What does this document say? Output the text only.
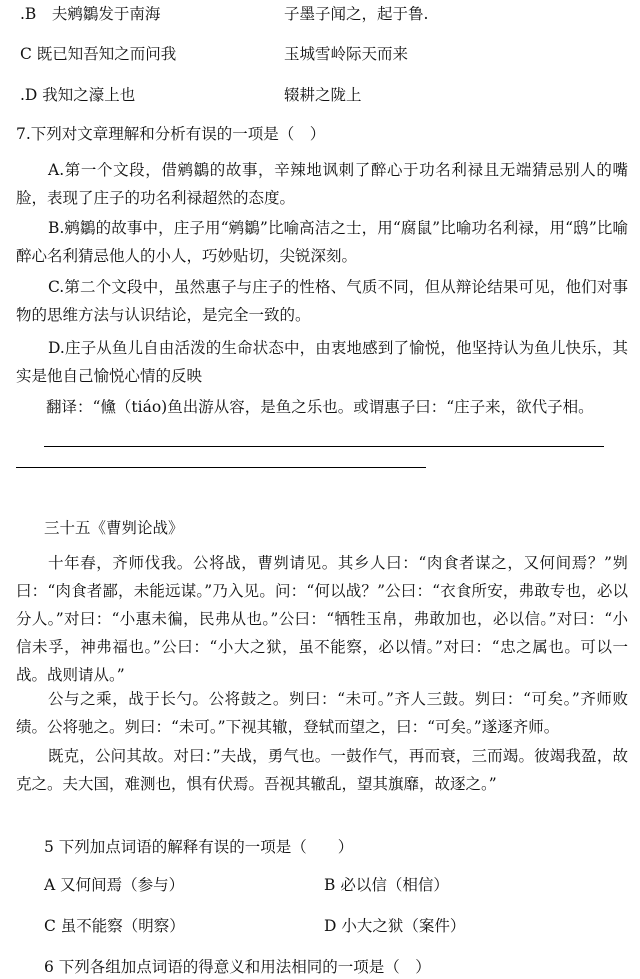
.B　夫鹓鶵发于南海	子墨子闻之，起于鲁.
C 既已知吾知之而问我	玉城雪岭际天而来
.D 我知之濠上也	辍耕之陇上
7.下列对文章理解和分析有误的一项是（　）
A.第一个文段，借鹓鶵的故事，辛辣地讽刺了醉心于功名利禄且无端猜忌别人的嘴脸，表现了庄子的功名利禄超然的态度。
B.鹓鶵的故事中，庄子用“鹓鶵”比喻高洁之士，用“腐鼠”比喻功名利禄，用“鸱”比喻醉心名利猜忌他人的小人，巧妙贴切，尖锐深刻。
C.第二个文段中，虽然惠子与庄子的性格、气质不同，但从辩论结果可见，他们对事物的思维方法与认识结论，是完全一致的。
D.庄子从鱼儿自由活泼的生命状态中，由衷地感到了愉悦，他坚持认为鱼儿快乐，其实是他自己愉悦心情的反映
翻译：“儵（tiáo)鱼出游从容，是鱼之乐也。或谓惠子曰：“庄子来，欲代子相。
三十五《曹刿论战》
十年春，齐师伐我。公将战，曹刿请见。其乡人曰：“肉食者谋之，又何间焉？”刿曰：“肉食者鄙，未能远谋。”乃入见。问：“何以战？”公曰：“衣食所安，弗敢专也，必以分人。”对曰：“小惠未徧，民弗从也。”公曰：“牺牲玉帛，弗敢加也，必以信。”对曰：“小信未孚，神弗福也。”公曰：“小大之狱，虽不能察，必以情。”对曰：“忠之属也。可以一战。战则请从。”
公与之乘，战于长勺。公将鼓之。刿曰：“未可。”齐人三鼓。刿曰：“可矣。”齐师败绩。公将驰之。刿曰：“未可。”下视其辙，登轼而望之，曰：“可矣。”遂逐齐师。
既克，公问其故。对曰：”夫战，勇气也。一鼓作气，再而衰，三而竭。彼竭我盈，故克之。夫大国，难测也，惧有伏焉。吾视其辙乱，望其旗靡，故逐之。”
5 下列加点词语的解释有误的一项是（　　）
A 又何间焉（参与）	B 必以信（相信）
C 虽不能察（明察）	D 小大之狱（案件）
6 下列各组加点词语的得意义和用法相同的一项是（　）
